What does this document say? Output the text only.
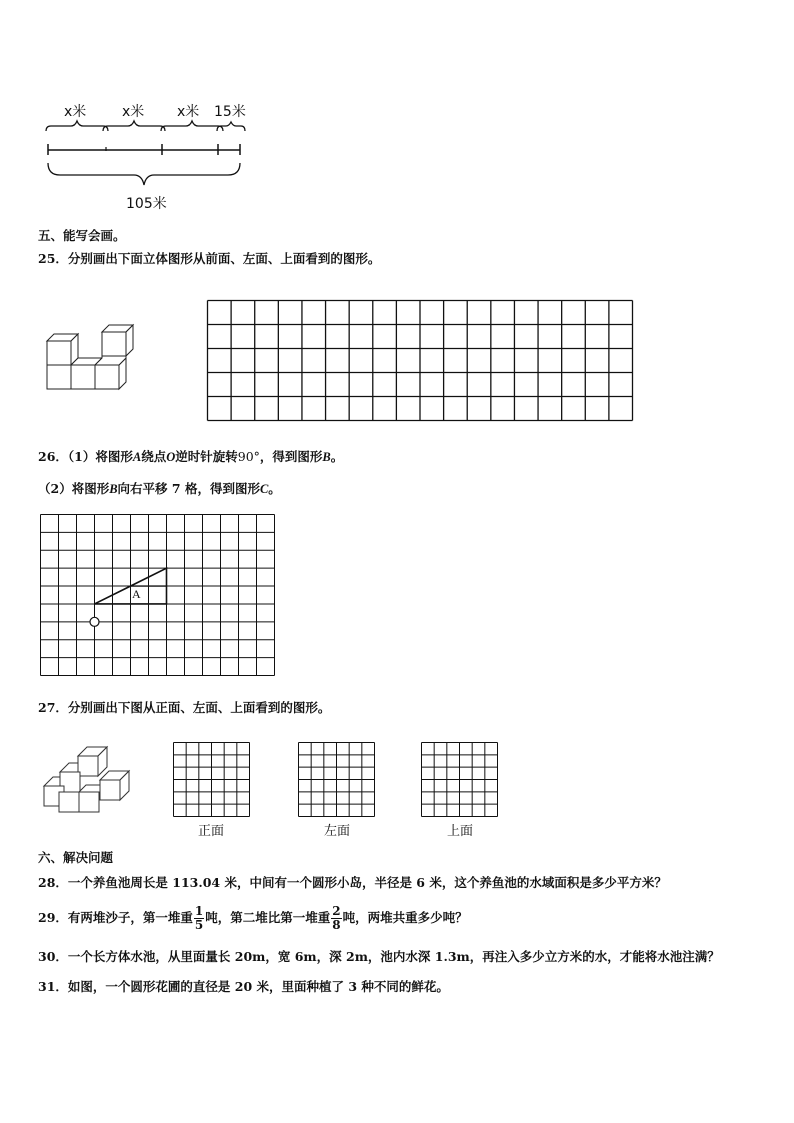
x米	x米 x米 15米
105米
五、能写会画。
25．分别画出下面立体图形从前面、左面、上面看到的图形。
26．（1）将图形A绕点O逆时针旋转90°，得到图形B。
（2）将图形B向右平移 7 格，得到图形C。
A
27．分别画出下图从正面、左面、上面看到的图形。
正面	左面	上面
六、解决问题
28．一个养鱼池周长是 113.04 米，中间有一个圆形小岛，半径是 6 米，这个养鱼池的水域面积是多少平方米？
29．有两堆沙子，第一堆重 $\frac{1}{5}$ 吨，第二堆比第一堆重 $\frac{2}{8}$ 吨，两堆共重多少吨？
30．一个长方体水池，从里面量长 20m，宽 6m，深 2m，池内水深 1.3m，再注入多少立方米的水，才能将水池注满？
31．如图，一个圆形花圃的直径是 20 米，里面种植了 3 种不同的鲜花。
